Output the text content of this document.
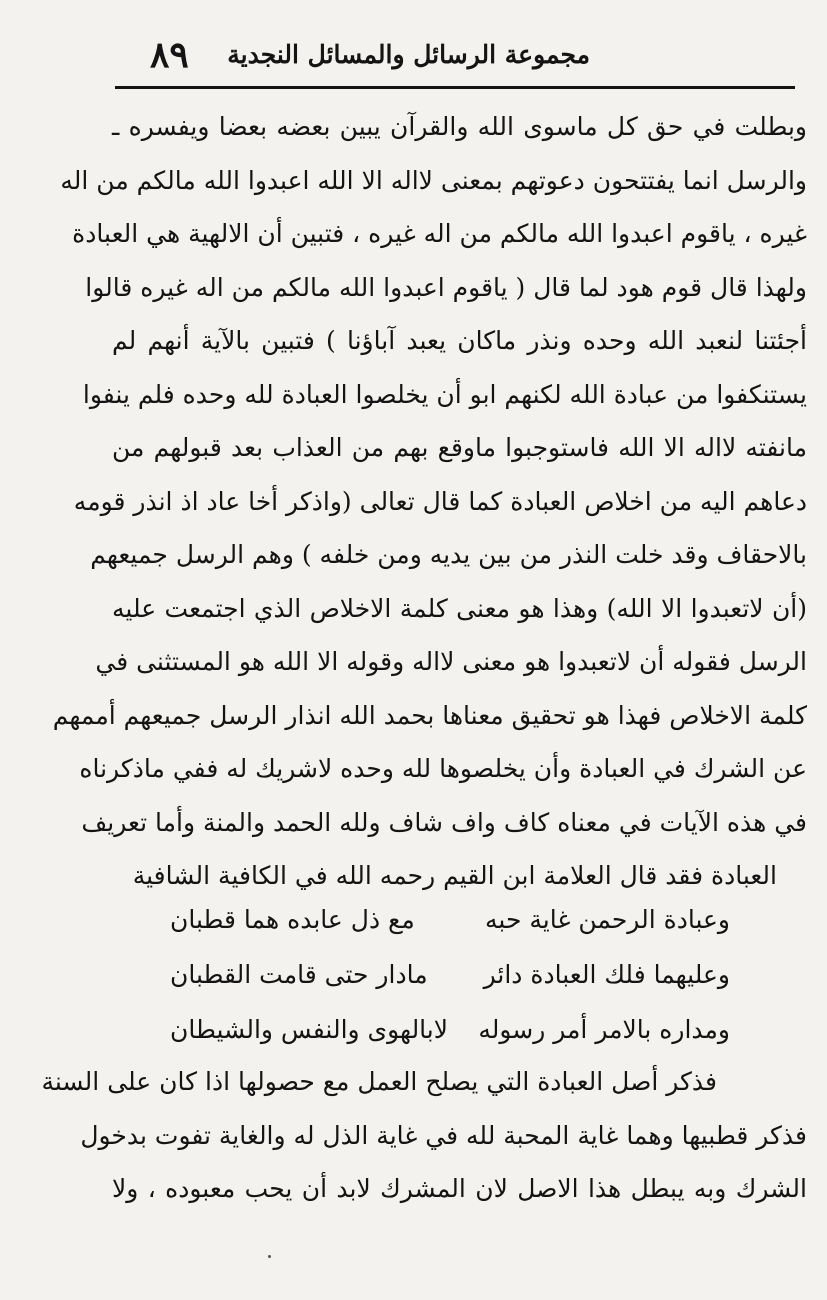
٨٩ مجموعة الرسائل والمسائل النجدية
وبطلت في حق كل ماسوى الله والقرآن يبين بعضه بعضا ويفسره ـ
والرسل انما يفتتحون دعوتهم بمعنى لااله الا الله اعبدوا الله مالكم من اله
غيره ، ياقوم اعبدوا الله مالكم من اله غيره ، فتبين أن الالهية هي العبادة
ولهذا قال قوم هود لما قال ( ياقوم اعبدوا الله مالكم من اله غيره قالوا
أجئتنا لنعبد الله وحده ونذر ماكان يعبد آباؤنا ) فتبين بالآية أنهم لم
يستنكفوا من عبادة الله لكنهم ابو أن يخلصوا العبادة لله وحده فلم ينفوا
مانفته لااله الا الله فاستوجبوا ماوقع بهم من العذاب بعد قبولهم من
دعاهم اليه من اخلاص العبادة كما قال تعالى (واذكر أخا عاد اذ انذر قومه
بالاحقاف وقد خلت النذر من بين يديه ومن خلفه ) وهم الرسل جميعهم
(أن لاتعبدوا الا الله) وهذا هو معنى كلمة الاخلاص الذي اجتمعت عليه
الرسل فقوله أن لاتعبدوا هو معنى لااله وقوله الا الله هو المستثنى في
كلمة الاخلاص فهذا هو تحقيق معناها بحمد الله انذار الرسل جميعهم أممهم
عن الشرك في العبادة وأن يخلصوها لله وحده لاشريك له ففي ماذكرناه
في هذه الآيات في معناه كاف واف شاف ولله الحمد والمنة وأما تعريف
العبادة فقد قال العلامة ابن القيم رحمه الله في الكافية الشافية
وعبادة الرحمن غاية حبه
مع ذل عابده هما قطبان
وعليهما فلك العبادة دائر
مادار حتى قامت القطبان
ومداره بالامر أمر رسوله
لابالهوى والنفس والشيطان
فذكر أصل العبادة التي يصلح العمل مع حصولها اذا كان على السنة
فذكر قطبيها وهما غاية المحبة لله في غاية الذل له والغاية تفوت بدخول
الشرك وبه يبطل هذا الاصل لان المشرك لابد أن يحب معبوده ، ولا
